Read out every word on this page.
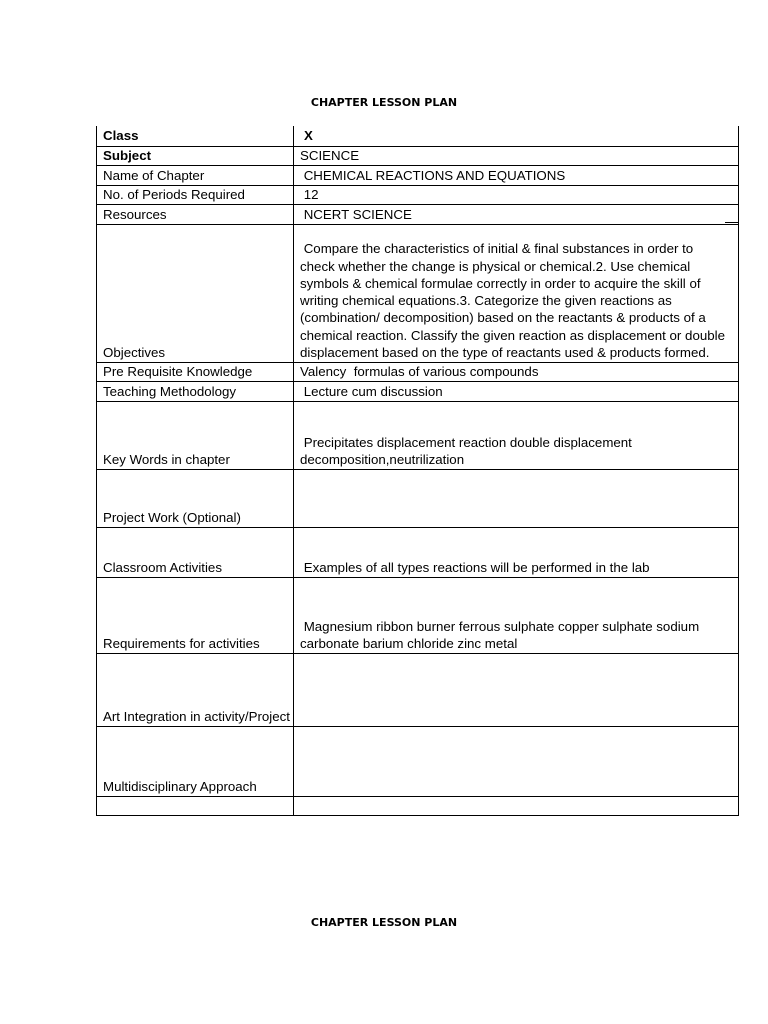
CHAPTER LESSON PLAN
Class	X
Subject	SCIENCE
Name of Chapter	CHEMICAL REACTIONS AND EQUATIONS
No. of Periods Required	12
Resources	NCERT SCIENCE
Objectives	Compare the characteristics of initial & final substances in order to check whether the change is physical or chemical.2. Use chemical symbols & chemical formulae correctly in order to acquire the skill of writing chemical equations.3. Categorize the given reactions as (combination/ decomposition) based on the reactants & products of a chemical reaction. Classify the given reaction as displacement or double displacement based on the type of reactants used & products formed.
Pre Requisite Knowledge	Valency  formulas of various compounds
Teaching Methodology	Lecture cum discussion
Key Words in chapter	Precipitates displacement reaction double displacement decomposition,neutrilization
Project Work (Optional)	
Classroom Activities	Examples of all types reactions will be performed in the lab
Requirements for activities	Magnesium ribbon burner ferrous sulphate copper sulphate sodium carbonate barium chloride zinc metal
Art Integration in activity/Project	
Multidisciplinary Approach	

CHAPTER LESSON PLAN
